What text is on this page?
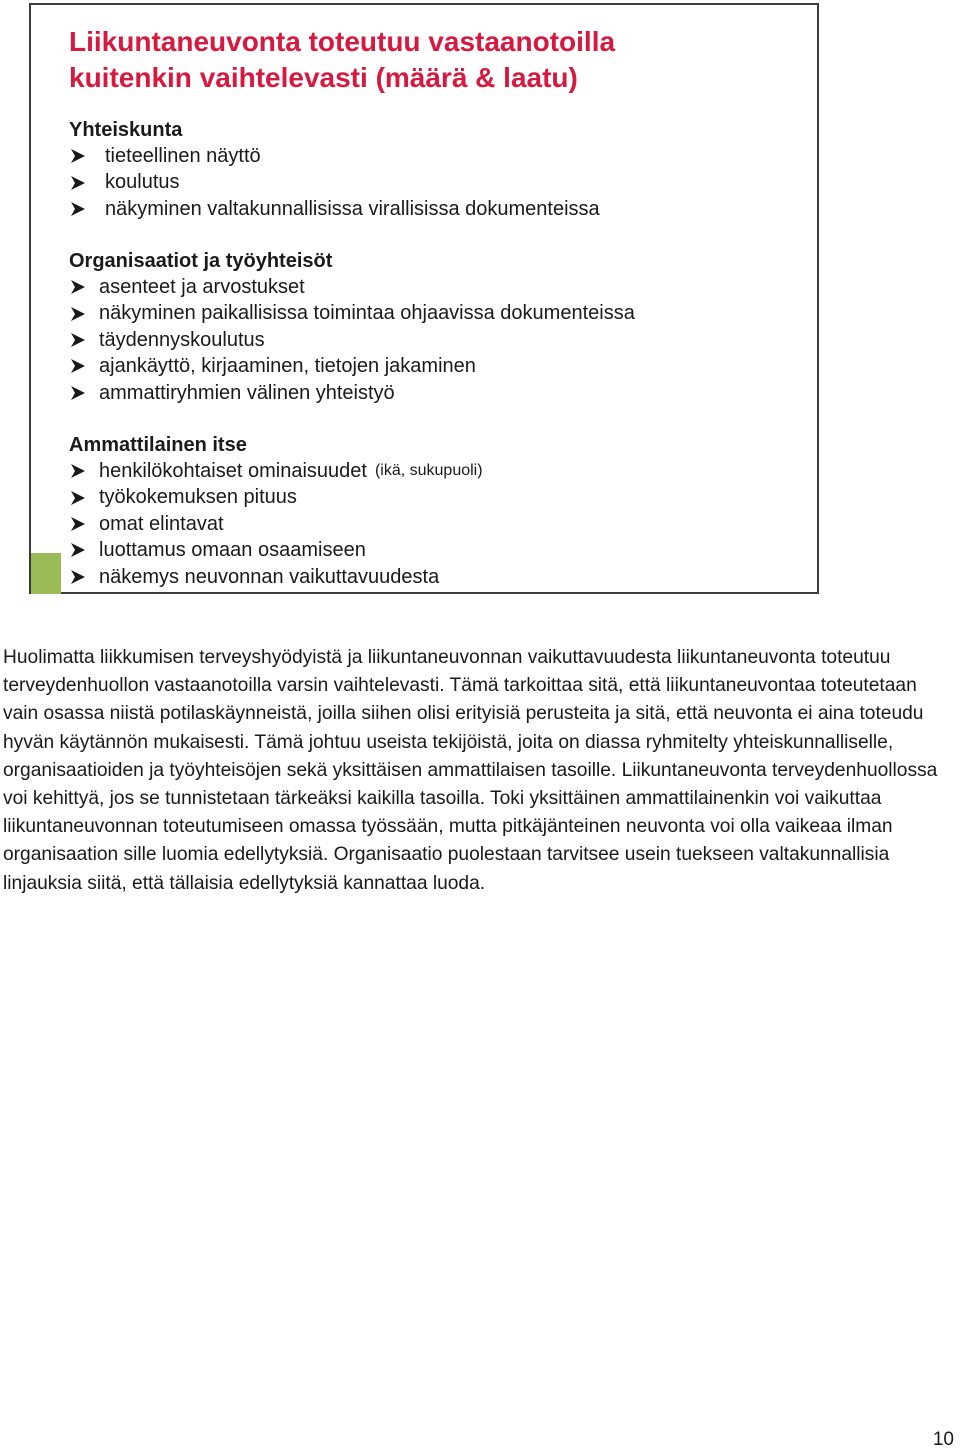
Liikuntaneuvonta toteutuu vastaanotoilla
kuitenkin vaihtelevasti (määrä & laatu)
Yhteiskunta
tieteellinen näyttö
koulutus
näkyminen valtakunnallisissa virallisissa dokumenteissa
Organisaatiot ja työyhteisöt
asenteet ja arvostukset
näkyminen paikallisissa toimintaa ohjaavissa dokumenteissa
täydennyskoulutus
ajankäyttö, kirjaaminen, tietojen jakaminen
ammattiryhmien välinen yhteistyö
Ammattilainen itse
henkilökohtaiset ominaisuudet (ikä, sukupuoli)
työkokemuksen pituus
omat elintavat
luottamus omaan osaamiseen
näkemys neuvonnan vaikuttavuudesta

Huolimatta liikkumisen terveyshyödyistä ja liikuntaneuvonnan vaikuttavuudesta liikuntaneuvonta toteutuu terveydenhuollon vastaanotoilla varsin vaihtelevasti. Tämä tarkoittaa sitä, että liikuntaneuvontaa toteutetaan vain osassa niistä potilaskäynneistä, joilla siihen olisi erityisiä perusteita ja sitä, että neuvonta ei aina toteudu hyvän käytännön mukaisesti. Tämä johtuu useista tekijöistä, joita on diassa ryhmitelty yhteiskunnalliselle, organisaatioiden ja työyhteisöjen sekä yksittäisen ammattilaisen tasoille. Liikuntaneuvonta terveydenhuollossa voi kehittyä, jos se tunnistetaan tärkeäksi kaikilla tasoilla. Toki yksittäinen ammattilainenkin voi vaikuttaa liikuntaneuvonnan toteutumiseen omassa työssään, mutta pitkäjänteinen neuvonta voi olla vaikeaa ilman organisaation sille luomia edellytyksiä. Organisaatio puolestaan tarvitsee usein tuekseen valtakunnallisia linjauksia siitä, että tällaisia edellytyksiä kannattaa luoda.

10
